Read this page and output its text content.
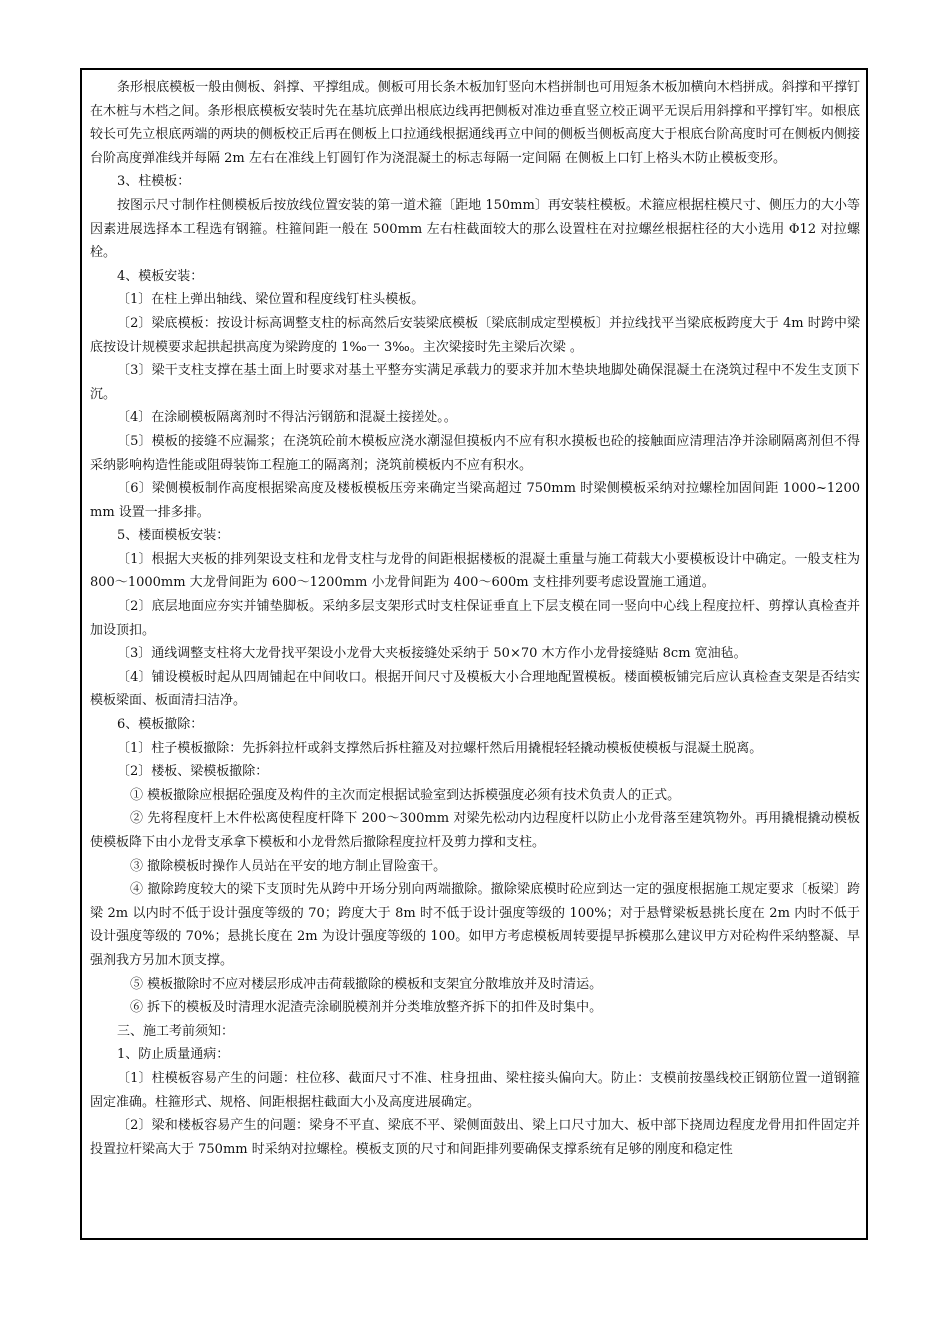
条形根底模板一般由侧板、斜撑、平撑组成。侧板可用长条木板加钉竖向木档拼制也可用短条木板加横向木档拼成。斜撑和平撑钉在木桩与木档之间。条形根底模板安装时先在基坑底弹出根底边线再把侧板对准边垂直竖立校正调平无误后用斜撑和平撑钉牢。如根底较长可先立根底两端的两块的侧板校正后再在侧板上口拉通线根据通线再立中间的侧板当侧板高度大于根底台阶高度时可在侧板内侧接台阶高度弹准线并每隔 2m 左右在准线上钉圆钉作为浇混凝土的标志每隔一定间隔 在侧板上口钉上格头木防止模板变形。

3、柱模板：

按图示尺寸制作柱侧模板后按放线位置安装的第一道术箍〔距地 150mm〕再安装柱模板。术箍应根据柱模尺寸、侧压力的大小等因素进展选择本工程选有钢箍。柱箍间距一般在 500mm 左右柱截面较大的那么设置柱在对拉螺丝根据柱径的大小选用 Φ12 对拉螺栓。

4、模板安装：

〔1〕在柱上弹出轴线、梁位置和程度线钉柱头模板。

〔2〕梁底模板：按设计标高调整支柱的标高然后安装梁底模板〔梁底制成定型模板〕并拉线找平当梁底板跨度大于 4m 时跨中梁底按设计规模要求起拱起拱高度为梁跨度的 1‰一 3‰。主次梁接时先主梁后次梁 。

〔3〕梁干支柱支撑在基土面上时要求对基土平整夯实满足承载力的要求并加木垫块地脚处确保混凝土在浇筑过程中不发生支顶下沉。

〔4〕在涂刷模板隔离剂时不得沾污钢筋和混凝土接搓处。。

〔5〕模板的接缝不应漏浆；在浇筑砼前木模板应浇水潮湿但摸板内不应有积水摸板也砼的接触面应清理洁净并涂刷隔离剂但不得采纳影响构造性能或阻碍装饰工程施工的隔离剂；浇筑前模板内不应有积水。

〔6〕梁侧模板制作高度根据梁高度及楼板模板压旁来确定当梁高超过 750mm 时梁侧模板采纳对拉螺栓加固间距 1000~1200mm 设置一排多排。

5、楼面模板安装：

〔1〕根据大夹板的排列架设支柱和龙骨支柱与龙骨的间距根据楼板的混凝土重量与施工荷载大小要模板设计中确定。一般支柱为 800～1000mm 大龙骨间距为 600～1200mm 小龙骨间距为 400～600m 支柱排列要考虑设置施工通道。

〔2〕底层地面应夯实并铺垫脚板。采纳多层支架形式时支柱保证垂直上下层支模在同一竖向中心线上程度拉杆、剪撑认真检查并加设顶扣。

〔3〕通线调整支柱将大龙骨找平架设小龙骨大夹板接缝处采纳于 50×70 木方作小龙骨接缝贴 8cm 宽油毡。

〔4〕铺设模板时起从四周铺起在中间收口。根据开间尺寸及模板大小合理地配置模板。楼面模板铺完后应认真检查支架是否结实模板梁面、板面清扫洁净。

6、模板撤除：

〔1〕柱子模板撤除：先拆斜拉杆或斜支撑然后拆柱箍及对拉螺杆然后用撬棍轻轻撬动模板使模板与混凝土脱离。

〔2〕楼板、梁模板撤除：

① 模板撤除应根据砼强度及构件的主次而定根据试验室到达拆模强度必须有技术负责人的正式。

② 先将程度杆上木件松离使程度杆降下 200～300mm 对梁先松动内边程度杆以防止小龙骨落至建筑物外。再用撬棍撬动模板使模板降下由小龙骨支承拿下模板和小龙骨然后撤除程度拉杆及剪力撑和支柱。

③ 撤除模板时操作人员站在平安的地方制止冒险蛮干。

④ 撤除跨度较大的梁下支顶时先从跨中开场分别向两端撤除。撤除梁底模时砼应到达一定的强度根据施工规定要求〔板梁〕跨梁 2m 以内时不低于设计强度等级的 70；跨度大于 8m 时不低于设计强度等级的 100%；对于悬臂梁板悬挑长度在 2m 内时不低于设计强度等级的 70%；悬挑长度在 2m 为设计强度等级的 100。如甲方考虑模板周转要提早拆模那么建议甲方对砼构件采纳整凝、早强剂我方另加木顶支撑。

⑤ 模板撤除时不应对楼层形成冲击荷载撤除的模板和支架宜分散堆放并及时清运。

⑥ 拆下的模板及时清理水泥渣壳涂刷脱模剂并分类堆放整齐拆下的扣件及时集中。

三、施工考前须知：

1、防止质量通病：

〔1〕柱模板容易产生的问题：柱位移、截面尺寸不准、柱身扭曲、梁柱接头偏向大。防止：支模前按墨线校正钢筋位置一道钢箍固定准确。柱箍形式、规格、间距根据柱截面大小及高度进展确定。

〔2〕梁和楼板容易产生的问题：梁身不平直、梁底不平、梁侧面鼓出、梁上口尺寸加大、板中部下挠周边程度龙骨用扣件固定并投置拉杆梁高大于 750mm 时采纳对拉螺栓。模板支顶的尺寸和间距排列要确保支撑系统有足够的刚度和稳定性
